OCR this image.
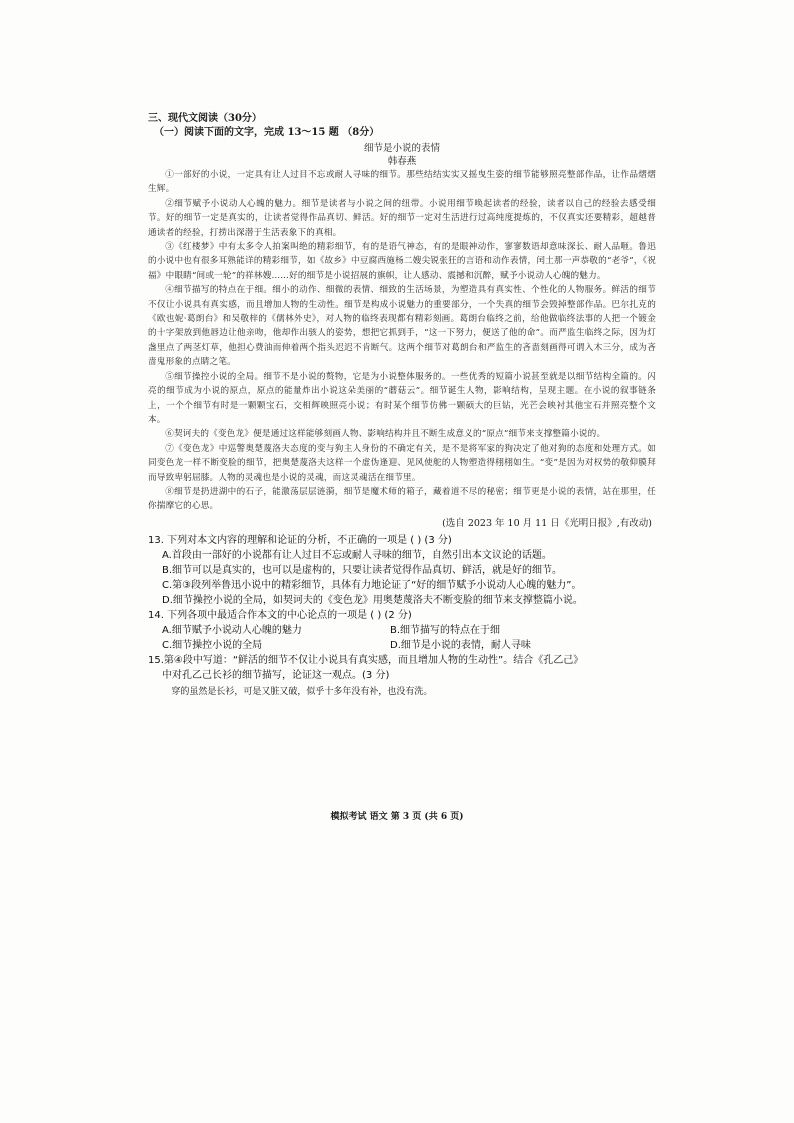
三、现代文阅读（30分）

（一）阅读下面的文字，完成 13～15 题 （8分）

细节是小说的表情

韩春燕

①一部好的小说，一定具有让人过目不忘或耐人寻味的细节。那些结结实实又摇曳生姿的细节能够照亮整部作品，让作品熠熠生辉。

②细节赋予小说动人心魄的魅力。细节是读者与小说之间的纽带。小说用细节唤起读者的经验，读者以自己的经验去感受细节。好的细节一定是真实的，让读者觉得作品真切、鲜活。好的细节一定对生活进行过高纯度提炼的，不仅真实还要精彩，超越普通读者的经验，打捞出深潜于生活表象下的真相。

③《红楼梦》中有太多令人拍案叫绝的精彩细节，有的是语气神态，有的是眼神动作，寥寥数语却意味深长、耐人品咂。鲁迅的小说中也有很多耳熟能详的精彩细节，如《故乡》中豆腐西施杨二嫂尖锐张狂的言语和动作表情，闰土那一声恭敬的“老爷”，《祝福》中眼睛“间或一轮”的祥林嫂……好的细节是小说招展的旗帜，让人感动、震撼和沉醉，赋予小说动人心魄的魅力。

④细节描写的特点在于细。细小的动作、细微的表情、细致的生活场景，为塑造具有真实性、个性化的人物服务。鲜活的细节不仅让小说具有真实感，而且增加人物的生动性。细节是构成小说魅力的重要部分，一个失真的细节会毁掉整部作品。巴尔扎克的《欧也妮·葛朗台》和吴敬梓的《儒林外史》，对人物的临终表现都有精彩刻画。葛朗台临终之前，给他做临终法事的人把一个镀金的十字架放到他唇边让他亲吻，他却作出骇人的姿势，想把它抓到手，“这一下努力，便送了他的命”。而严监生临终之际，因为灯盏里点了两茎灯草，他担心费油而伸着两个指头迟迟不肯断气。这两个细节对葛朗台和严监生的吝啬刻画得可谓入木三分，成为吝啬鬼形象的点睛之笔。

⑤细节操控小说的全局。细节不是小说的赘物，它是为小说整体服务的。一些优秀的短篇小说甚至就是以细节结构全篇的。闪亮的细节成为小说的原点，原点的能量炸出小说这朵美丽的“蘑菇云”。细节诞生人物，影响结构，呈现主题。在小说的叙事链条上，一个个细节有时是一颗颗宝石，交相辉映照亮小说；有时某个细节仿佛一颗硕大的巨钻，光芒会映衬其他宝石并照亮整个文本。

⑥契诃夫的《变色龙》便是通过这样能够刻画人物、影响结构并且不断生成意义的“原点”细节来支撑整篇小说的。

⑦《变色龙》中巡警奥楚蔑洛夫态度的变与狗主人身份的不确定有关，是不是将军家的狗决定了他对狗的态度和处理方式。如同变色龙一样不断变脸的细节，把奥楚蔑洛夫这样一个虚伪逢迎、见风使舵的人物塑造得栩栩如生。“变”是因为对权势的敬仰膜拜而导致卑躬屈膝。人物的灵魂也是小说的灵魂，而这灵魂活在细节里。

⑧细节是扔进湖中的石子，能激荡层层涟漪，细节是魔术师的箱子，藏着道不尽的秘密；细节更是小说的表情，站在那里，任你揣摩它的心思。

(选自 2023 年 10 月 11 日《光明日报》,有改动)

13. 下列对本文内容的理解和论证的分析，不正确的一项是 ( ) (3 分)

A.首段由一部好的小说都有让人过目不忘或耐人寻味的细节，自然引出本文议论的话题。

B.细节可以是真实的，也可以是虚构的，只要让读者觉得作品真切、鲜活，就是好的细节。

C.第③段列举鲁迅小说中的精彩细节，具体有力地论证了“好的细节赋予小说动人心魄的魅力”。

D.细节操控小说的全局，如契诃夫的《变色龙》用奥楚蔑洛夫不断变脸的细节来支撑整篇小说。

14. 下列各项中最适合作本文的中心论点的一项是 ( ) (2 分)

A.细节赋予小说动人心魄的魅力	B.细节描写的特点在于细
C.细节操控小说的全局	D.细节是小说的表情，耐人寻味

15.第④段中写道：“鲜活的细节不仅让小说具有真实感，而且增加人物的生动性”。结合《孔乙己》

中对孔乙己长衫的细节描写，论证这一观点。(3 分)

穿的虽然是长衫，可是又脏又破，似乎十多年没有补，也没有洗。

模拟考试 语文 第 3 页 (共 6 页)
